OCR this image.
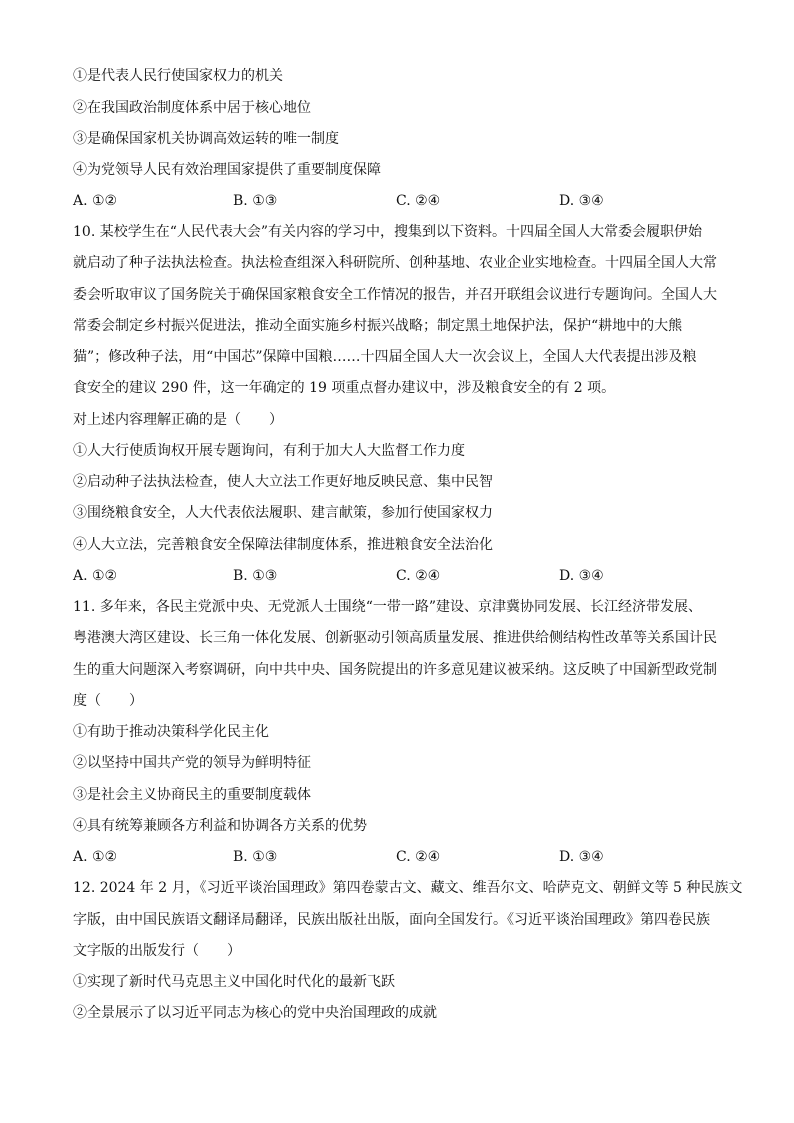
①是代表人民行使国家权力的机关
②在我国政治制度体系中居于核心地位
③是确保国家机关协调高效运转的唯一制度
④为党领导人民有效治理国家提供了重要制度保障
A. ①②	B. ①③	C. ②④	D. ③④
10. 某校学生在“人民代表大会”有关内容的学习中，搜集到以下资料。十四届全国人大常委会履职伊始
就启动了种子法执法检查。执法检查组深入科研院所、创种基地、农业企业实地检查。十四届全国人大常
委会听取审议了国务院关于确保国家粮食安全工作情况的报告，并召开联组会议进行专题询问。全国人大
常委会制定乡村振兴促进法，推动全面实施乡村振兴战略；制定黑土地保护法，保护“耕地中的大熊
猫”；修改种子法，用“中国芯”保障中国粮……十四届全国人大一次会议上，全国人大代表提出涉及粮
食安全的建议 290 件，这一年确定的 19 项重点督办建议中，涉及粮食安全的有 2 项。
对上述内容理解正确的是（　　）
①人大行使质询权开展专题询问，有利于加大人大监督工作力度
②启动种子法执法检查，使人大立法工作更好地反映民意、集中民智
③围绕粮食安全，人大代表依法履职、建言献策，参加行使国家权力
④人大立法，完善粮食安全保障法律制度体系，推进粮食安全法治化
A. ①②	B. ①③	C. ②④	D. ③④
11. 多年来，各民主党派中央、无党派人士围绕“一带一路”建设、京津冀协同发展、长江经济带发展、
粤港澳大湾区建设、长三角一体化发展、创新驱动引领高质量发展、推进供给侧结构性改革等关系国计民
生的重大问题深入考察调研，向中共中央、国务院提出的许多意见建议被采纳。这反映了中国新型政党制
度（　　）
①有助于推动决策科学化民主化
②以坚持中国共产党的领导为鲜明特征
③是社会主义协商民主的重要制度载体
④具有统筹兼顾各方利益和协调各方关系的优势
A. ①②	B. ①③	C. ②④	D. ③④
12. 2024 年 2 月，《习近平谈治国理政》第四卷蒙古文、藏文、维吾尔文、哈萨克文、朝鲜文等 5 种民族文
字版，由中国民族语文翻译局翻译，民族出版社出版，面向全国发行。《习近平谈治国理政》第四卷民族
文字版的出版发行（　　）
①实现了新时代马克思主义中国化时代化的最新飞跃
②全景展示了以习近平同志为核心的党中央治国理政的成就
